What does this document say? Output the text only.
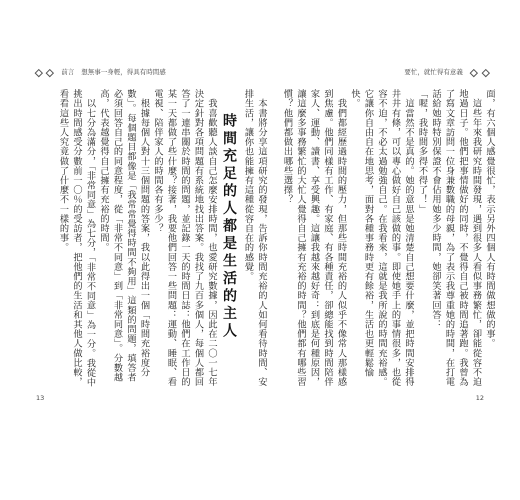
前言 想無事一身輕，得具有時間感	要忙，就忙得有意義

面，有六個人感覺很忙，表示另外四個人有時間做想做的事。

　這些年來我研究時間發現，遇到很多人看似事務繁忙，卻能從容不迫地過日子。他們把事情做好的同時，不覺得自己被時間追著跑。我曾為了寫文章訪問一位身兼數職的母親，為了表示我尊重她的時間，在打電話給她時特別保證不會佔用她多少時間，她卻笑著回答：

「喔，我時間多得不得了！」

　這當然不是真的。她的意思是她清楚自己想要什麼，並把時間安排得井井有條，可以專心做好自己該做的事。即使她手上的事情很多，也從容不迫，不必太過勉強自己。在我看來，這就是我所說的時間充裕感。它讓你自由自在地思考，面對各種事務時更有餘裕，生活也更輕鬆愉快。

　我們都經歷過時間的壓力，但那些時間充裕的人似乎不像常人那樣感到焦慮。他們同樣有工作、有家庭、有各種責任，卻總能找到時間陪伴家人、運動、讀書、享受興趣。這讓我越來越好奇：到底是何種原因，讓這麼多事務繁忙的大忙人覺得自己擁有充裕的時間？他們都有哪些習慣？他們都做出哪些選擇？

　本書將分享這項研究的發現，告訴你時間充裕的人如何看待時間、安排生活，讓你也能擁有這種從容自在的感覺。

時間充足的人都是生活的主人

　我喜歡聽人談自己怎麼安排時間，也愛研究數據，因此在二〇一七年決定針對各項問題有系統地找出答案。我找了九百多個人，每個人都回答了一連串關於時間的問題，並記錄一天的時間日誌：他們在工作日的某一天都做了些什麼？接著，我要他們回答一些問題：運動、睡眠、看電視、陪伴家人的時間各有多少？

　根據每個人對十三個問題的答案，我以此得出一個「時間充裕度分數」。每個題目都像是「我常常覺得時間不夠用」這類的問題，填答者必須回答自己的同意程度，從「非常不同意」到「非常同意」。分數越高，代表越覺得自己擁有充裕的時間。

　以七分為滿分，「非常同意」為七分，「非常不同意」為一分。我從中挑出時間感受分數前一〇％的受訪者，把他們的生活和其他人做比較，看看這些人究竟做了什麼不一樣的事。

13	12
